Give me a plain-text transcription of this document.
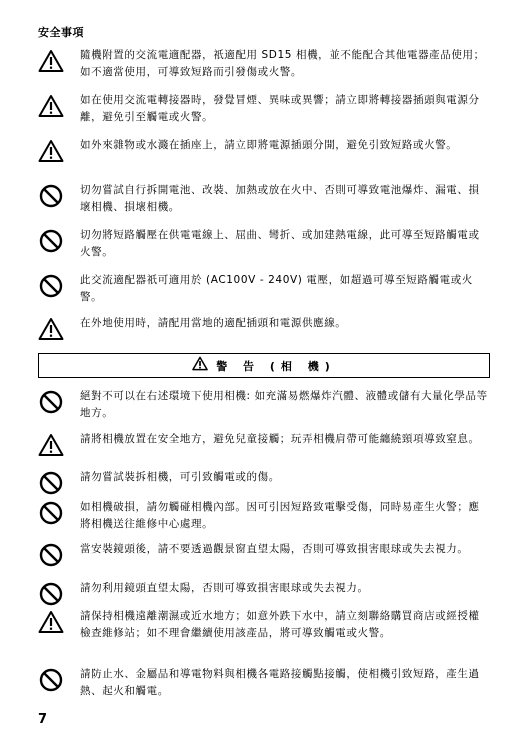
安全事項
隨機附置的交流電適配器，祇適配用 SD15 相機，並不能配合其他電器產品使用；如不適當使用，可導致短路而引發傷或火警。
如在使用交流電轉接器時，發覺冒煙、異味或異響；請立即將轉接器插頭與電源分離，避免引至觸電或火警。
如外來雜物或水濺在插座上，請立即將電源插頭分開，避免引致短路或火警。
切勿嘗試自行拆開電池、改裝、加熱或放在火中、否則可導致電池爆炸、漏電、損壞相機、損壞相機。
切勿將短路觸壓在供電電線上、屈曲、彎折、或加建熱電線，此可導至短路觸電或火警。
此交流適配器祇可適用於 (AC100V - 240V) 電壓，如超過可導至短路觸電或火警。
在外地使用時，請配用當地的適配插頭和電源供應線。
警 告 (相 機)
絕對不可以在右述環境下使用相機: 如充滿易燃爆炸汽體、液體或儲有大量化學品等地方。
請將相機放置在安全地方，避免兒童接觸；玩弄相機肩帶可能纏繞頸項導致窒息。
請勿嘗試裝拆相機，可引致觸電或的傷。
如相機破損，請勿觸碰相機內部。因可引因短路致電擊受傷，同時易產生火警；應將相機送往維修中心處理。
當安裝鏡頭後，請不要透過觀景窗直望太陽，否則可導致損害眼球或失去視力。
請勿利用鏡頭直望太陽，否則可導致損害眼球或失去視力。
請保持相機遠離潮濕或近水地方；如意外跌下水中，請立刻聯絡購買商店或經授權檢查維修站；如不理會繼續使用該產品，將可導致觸電或火警。
請防止水、金屬品和導電物料與相機各電路接觸點接觸，使相機引致短路，產生過熱、起火和觸電。
7
